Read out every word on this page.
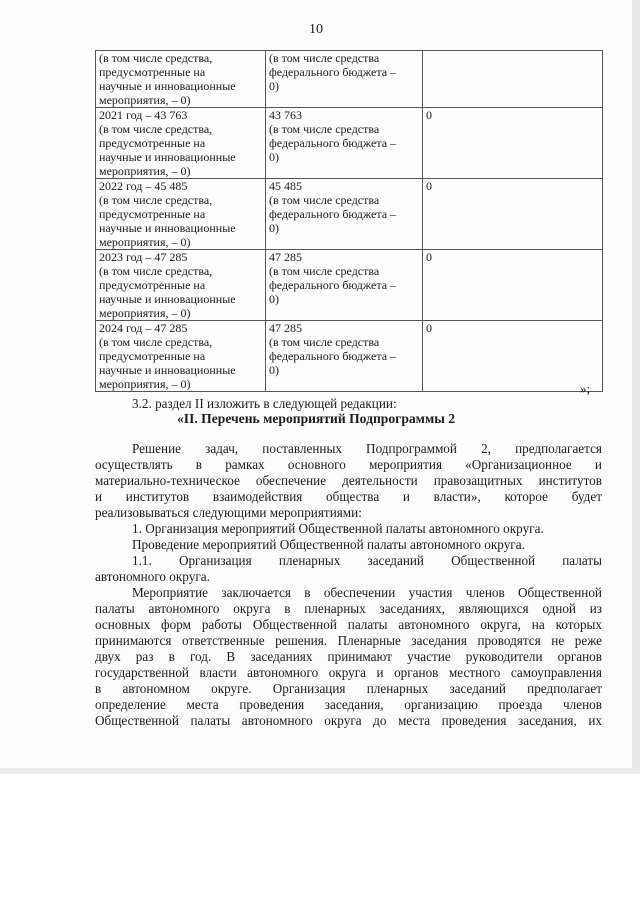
10
(в том числе средства,
предусмотренные на
научные и инновационные
мероприятия, – 0)	(в том числе средства
федерального бюджета –
0)	
2021 год – 43 763
(в том числе средства,
предусмотренные на
научные и инновационные
мероприятия, – 0)	43 763
(в том числе средства
федерального бюджета –
0)	0
2022 год – 45 485
(в том числе средства,
предусмотренные на
научные и инновационные
мероприятия, – 0)	45 485
(в том числе средства
федерального бюджета –
0)	0
2023 год – 47 285
(в том числе средства,
предусмотренные на
научные и инновационные
мероприятия, – 0)	47 285
(в том числе средства
федерального бюджета –
0)	0
2024 год – 47 285
(в том числе средства,
предусмотренные на
научные и инновационные
мероприятия, – 0)	47 285
(в том числе средства
федерального бюджета –
0)	0
»;

3.2. раздел II изложить в следующей редакции:

«II. Перечень мероприятий Подпрограммы 2

Решение задач, поставленных Подпрограммой 2, предполагается

осуществлять в рамках основного мероприятия «Организационное и

материально-техническое обеспечение деятельности правозащитных институтов

и институтов взаимодействия общества и власти», которое будет

реализовываться следующими мероприятиями:

1. Организация мероприятий Общественной палаты автономного округа.

Проведение мероприятий Общественной палаты автономного округа.

1.1. Организация пленарных заседаний Общественной палаты

автономного округа.

Мероприятие заключается в обеспечении участия членов Общественной

палаты автономного округа в пленарных заседаниях, являющихся одной из

основных форм работы Общественной палаты автономного округа, на которых

принимаются ответственные решения. Пленарные заседания проводятся не реже

двух раз в год. В заседаниях принимают участие руководители органов

государственной власти автономного округа и органов местного самоуправления

в автономном округе. Организация пленарных заседаний предполагает

определение места проведения заседания, организацию проезда членов

Общественной палаты автономного округа до места проведения заседания, их
